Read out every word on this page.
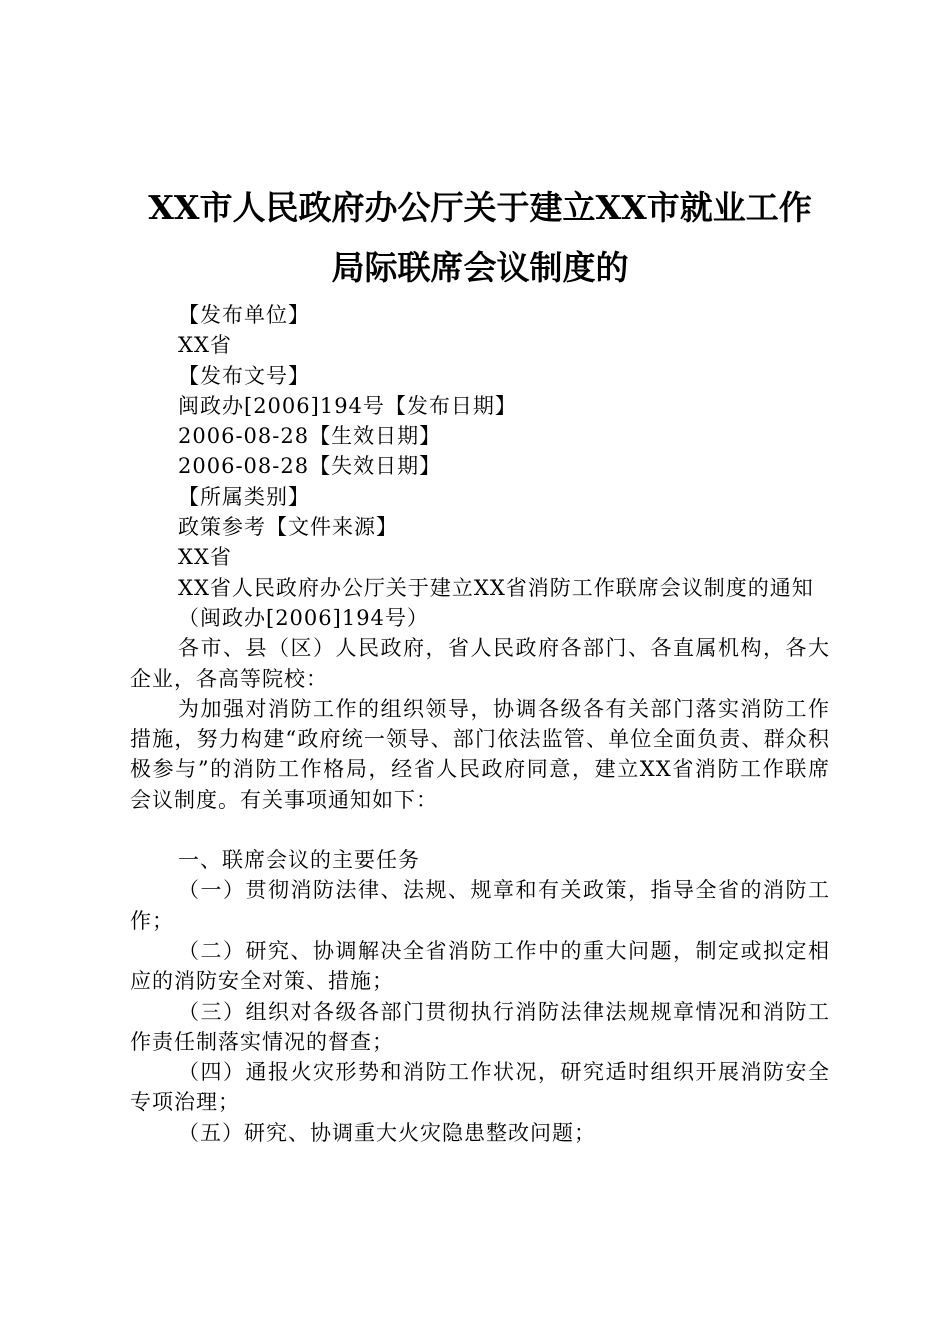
XX市人民政府办公厅关于建立XX市就业工作
局际联席会议制度的
【发布单位】
XX省
【发布文号】
闽政办[2006]194号【发布日期】
2006-08-28【生效日期】
2006-08-28【失效日期】
【所属类别】
政策参考【文件来源】
XX省

XX省人民政府办公厅关于建立XX省消防工作联席会议制度的通知

（闽政办[2006]194号）

各市、县（区）人民政府，省人民政府各部门、各直属机构，各大企业，各高等院校：

为加强对消防工作的组织领导，协调各级各有关部门落实消防工作措施，努力构建“政府统一领导、部门依法监管、单位全面负责、群众积极参与”的消防工作格局，经省人民政府同意，建立XX省消防工作联席会议制度。有关事项通知如下：

一、联席会议的主要任务

（一）贯彻消防法律、法规、规章和有关政策，指导全省的消防工作；

（二）研究、协调解决全省消防工作中的重大问题，制定或拟定相应的消防安全对策、措施；

（三）组织对各级各部门贯彻执行消防法律法规规章情况和消防工作责任制落实情况的督查；

（四）通报火灾形势和消防工作状况，研究适时组织开展消防安全专项治理；

（五）研究、协调重大火灾隐患整改问题；
